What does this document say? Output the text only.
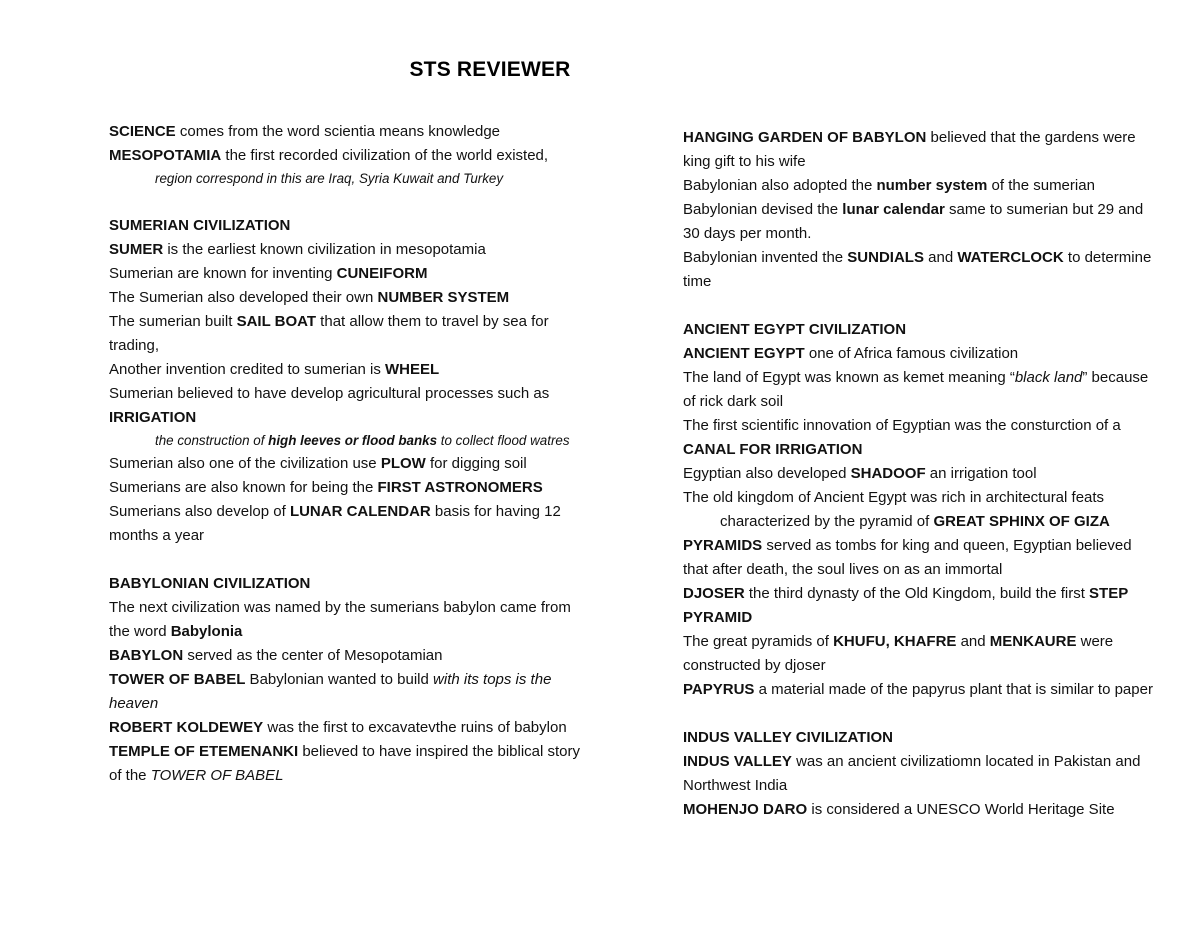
STS REVIEWER

SCIENCE comes from the word scientia means knowledge

MESOPOTAMIA the first recorded civilization of the world existed,

region correspond in this are Iraq, Syria Kuwait and Turkey

SUMERIAN CIVILIZATION

SUMER is the earliest known civilization in mesopotamia

Sumerian are known for inventing CUNEIFORM

The Sumerian also developed their own NUMBER SYSTEM

The sumerian built SAIL BOAT that allow them to travel by sea for trading,

Another invention credited to sumerian is WHEEL

Sumerian believed to have develop agricultural processes such as IRRIGATION

the construction of high leeves or flood banks to collect flood watres

Sumerian also one of the civilization use PLOW for digging soil

Sumerians are also known for being the FIRST ASTRONOMERS

Sumerians also develop of LUNAR CALENDAR basis for having 12 months a year

BABYLONIAN CIVILIZATION

The next civilization was named by the sumerians babylon came from the word Babylonia

BABYLON served as the center of Mesopotamian

TOWER OF BABEL Babylonian wanted to build with its tops is the heaven

ROBERT KOLDEWEY was the first to excavatevthe ruins of babylon

TEMPLE OF ETEMENANKI believed to have inspired the biblical story of the TOWER OF BABEL

HANGING GARDEN OF BABYLON believed that the gardens were king gift to his wife

Babylonian also adopted the number system of the sumerian

Babylonian devised the lunar calendar same to sumerian but 29 and 30 days per month.

Babylonian invented the SUNDIALS and WATERCLOCK to determine time

ANCIENT EGYPT CIVILIZATION

ANCIENT EGYPT one of Africa famous civilization

The land of Egypt was known as kemet meaning “black land” because of rick dark soil

The first scientific innovation of Egyptian was the consturction of a CANAL FOR IRRIGATION

Egyptian also developed SHADOOF an irrigation tool

The old kingdom of Ancient Egypt was rich in architectural feats

characterized by the pyramid of GREAT SPHINX OF GIZA

PYRAMIDS served as tombs for king and queen, Egyptian believed that after death, the soul lives on as an immortal

DJOSER the third dynasty of the Old Kingdom, build the first STEP PYRAMID

The great pyramids of KHUFU, KHAFRE and MENKAURE were constructed by djoser

PAPYRUS a material made of the papyrus plant that is similar to paper

INDUS VALLEY CIVILIZATION

INDUS VALLEY was an ancient civilizatiomn located in Pakistan and Northwest India

MOHENJO DARO is considered a UNESCO World Heritage Site
